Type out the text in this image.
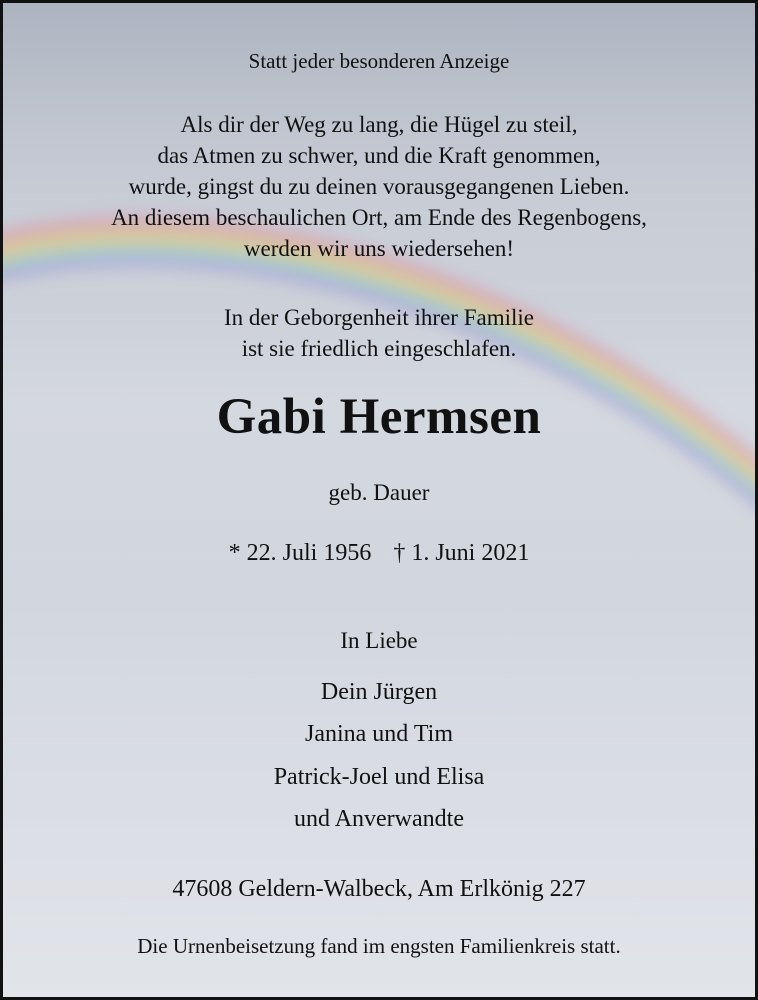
Statt jeder besonderen Anzeige

Als dir der Weg zu lang, die Hügel zu steil,

das Atmen zu schwer, und die Kraft genommen,

wurde, gingst du zu deinen vorausgegangenen Lieben.

An diesem beschaulichen Ort, am Ende des Regenbogens,

werden wir uns wiedersehen!

In der Geborgenheit ihrer Familie

ist sie friedlich eingeschlafen.

Gabi Hermsen

geb. Dauer

* 22. Juli 1956 † 1. Juni 2021

In Liebe

Dein Jürgen

Janina und Tim

Patrick-Joel und Elisa

und Anverwandte

47608 Geldern-Walbeck, Am Erlkönig 227

Die Urnenbeisetzung fand im engsten Familienkreis statt.
